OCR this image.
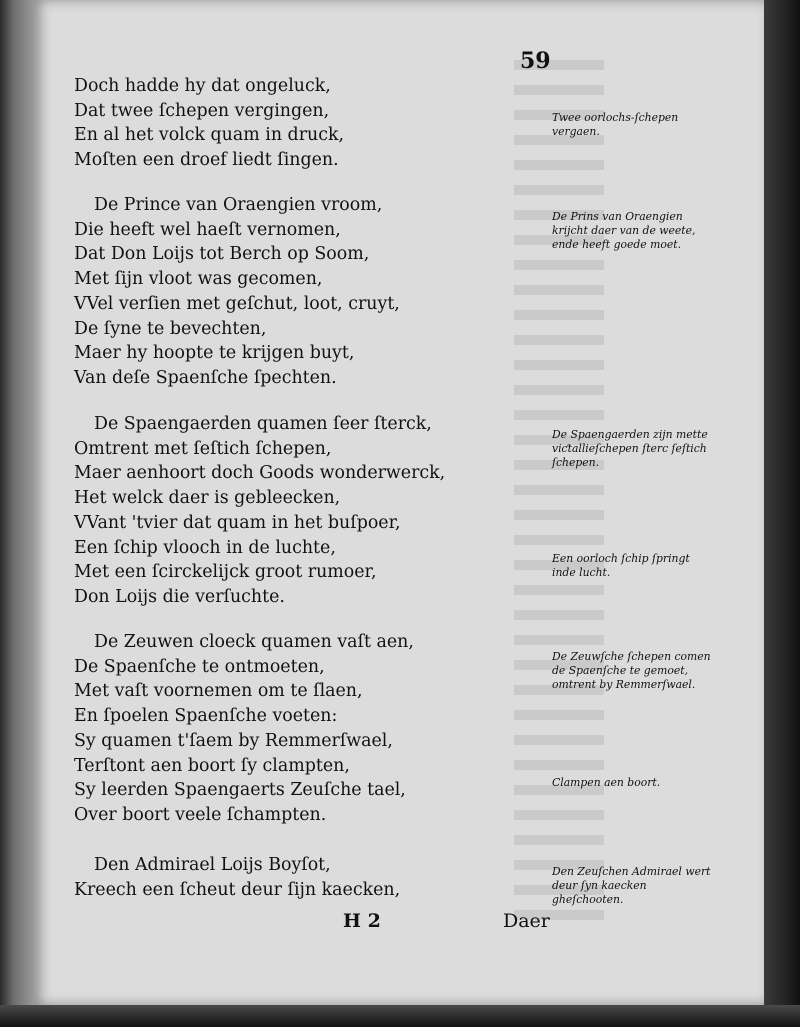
59
Doch hadde hy dat ongeluck,
Dat twee ſchepen vergingen,
En al het volck quam in druck,
Moſten een droef liedt ſingen.
De Prince van Oraengien vroom,
Die heeft wel haeſt vernomen,
Dat Don Loijs tot Berch op Soom,
Met ſijn vloot was gecomen,
VVel verſien met geſchut, loot, cruyt,
De ſyne te bevechten,
Maer hy hoopte te krijgen buyt,
Van deſe Spaenſche ſpechten.
De Spaengaerden quamen ſeer ſterck,
Omtrent met ſeſtich ſchepen,
Maer aenhoort doch Goods wonderwerck,
Het welck daer is gebleecken,
VVant 'tvier dat quam in het buſpoer,
Een ſchip vlooch in de luchte,
Met een ſcirckelijck groot rumoer,
Don Loijs die verſuchte.
De Zeuwen cloeck quamen vaſt aen,
De Spaenſche te ontmoeten,
Met vaſt voornemen om te ſlaen,
En ſpoelen Spaenſche voeten:
Sy quamen t'ſaem by Remmerſwael,
Terſtont aen boort ſy clampten,
Sy leerden Spaengaerts Zeuſche tael,
Over boort veele ſchampten.
Den Admirael Loijs Boyſot,
Kreech een ſcheut deur ſijn kaecken,
Twee oorlochs-ſchepen vergaen.
De Prins van Oraengien krijcht daer van de weete, ende heeft goede moet.
De Spaengaerden zijn mette viƈtallieſchepen ſterc ſeſtich ſchepen.
Een oorloch ſchip ſpringt inde lucht.
De Zeuwſche ſchepen comen de Spaenſche te gemoet, omtrent by Remmerſwael.
Clampen aen boort.
Den Zeuſchen Admirael wert deur ſyn kaecken gheſchooten.
H 2	Daer
